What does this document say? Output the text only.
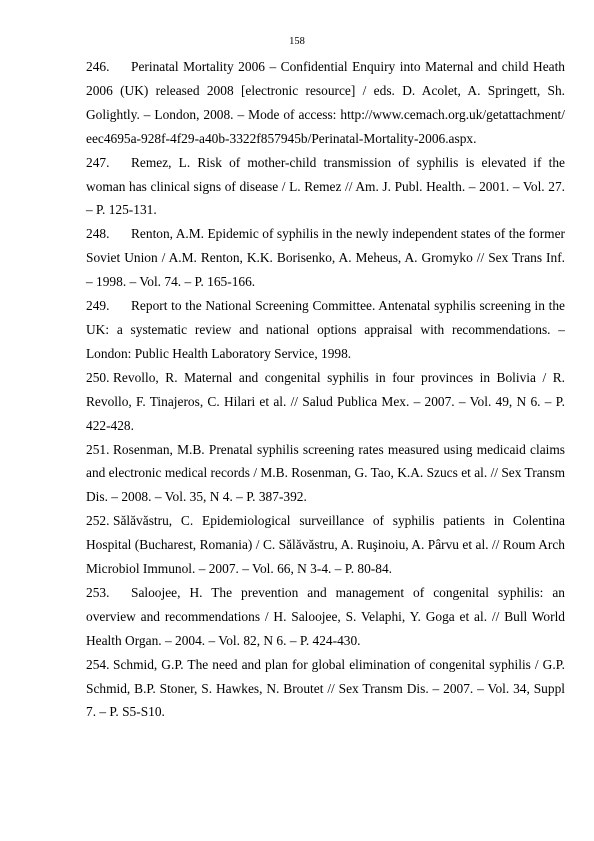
158

246. Perinatal Mortality 2006 – Confidential Enquiry into Maternal and child Heath 2006 (UK) released 2008 [electronic resource] / eds. D. Acolet, A. Springett, Sh. Golightly. – London, 2008. – Mode of access: http://www.cemach.org.uk/getattachment/eec4695a-928f-4f29-a40b-3322f857945b/Perinatal-Mortality-2006.aspx.

247. Remez, L. Risk of mother-child transmission of syphilis is elevated if the woman has clinical signs of disease / L. Remez // Am. J. Publ. Health. – 2001. – Vol. 27. – P. 125-131.

248. Renton, A.M. Epidemic of syphilis in the newly independent states of the former Soviet Union / A.M. Renton, K.K. Borisenko, A. Meheus, A. Gromyko // Sex Trans Inf. – 1998. – Vol. 74. – P. 165-166.

249. Report to the National Screening Committee. Antenatal syphilis screening in the UK: a systematic review and national options appraisal with recommendations. – London: Public Health Laboratory Service, 1998.

250. Revollo, R. Maternal and congenital syphilis in four provinces in Bolivia / R. Revollo, F. Tinajeros, C. Hilari et al. // Salud Publica Mex. – 2007. – Vol. 49, N 6. – P. 422-428.

251. Rosenman, M.B. Prenatal syphilis screening rates measured using medicaid claims and electronic medical records / M.B. Rosenman, G. Tao, K.A. Szucs et al. // Sex Transm Dis. – 2008. – Vol. 35, N 4. – P. 387-392.

252. Sălăvăstru, C. Epidemiological surveillance of syphilis patients in Colentina Hospital (Bucharest, Romania) / C. Sălăvăstru, A. Ruşinoiu, A. Pârvu et al. // Roum Arch Microbiol Immunol. – 2007. – Vol. 66, N 3-4. – P. 80-84.

253. Saloojee, H. The prevention and management of congenital syphilis: an overview and recommendations / H. Saloojee, S. Velaphi, Y. Goga et al. // Bull World Health Organ. – 2004. – Vol. 82, N 6. – P. 424-430.

254. Schmid, G.P. The need and plan for global elimination of congenital syphilis / G.P. Schmid, B.P. Stoner, S. Hawkes, N. Broutet // Sex Transm Dis. – 2007. – Vol. 34, Suppl 7. – P. S5-S10.
